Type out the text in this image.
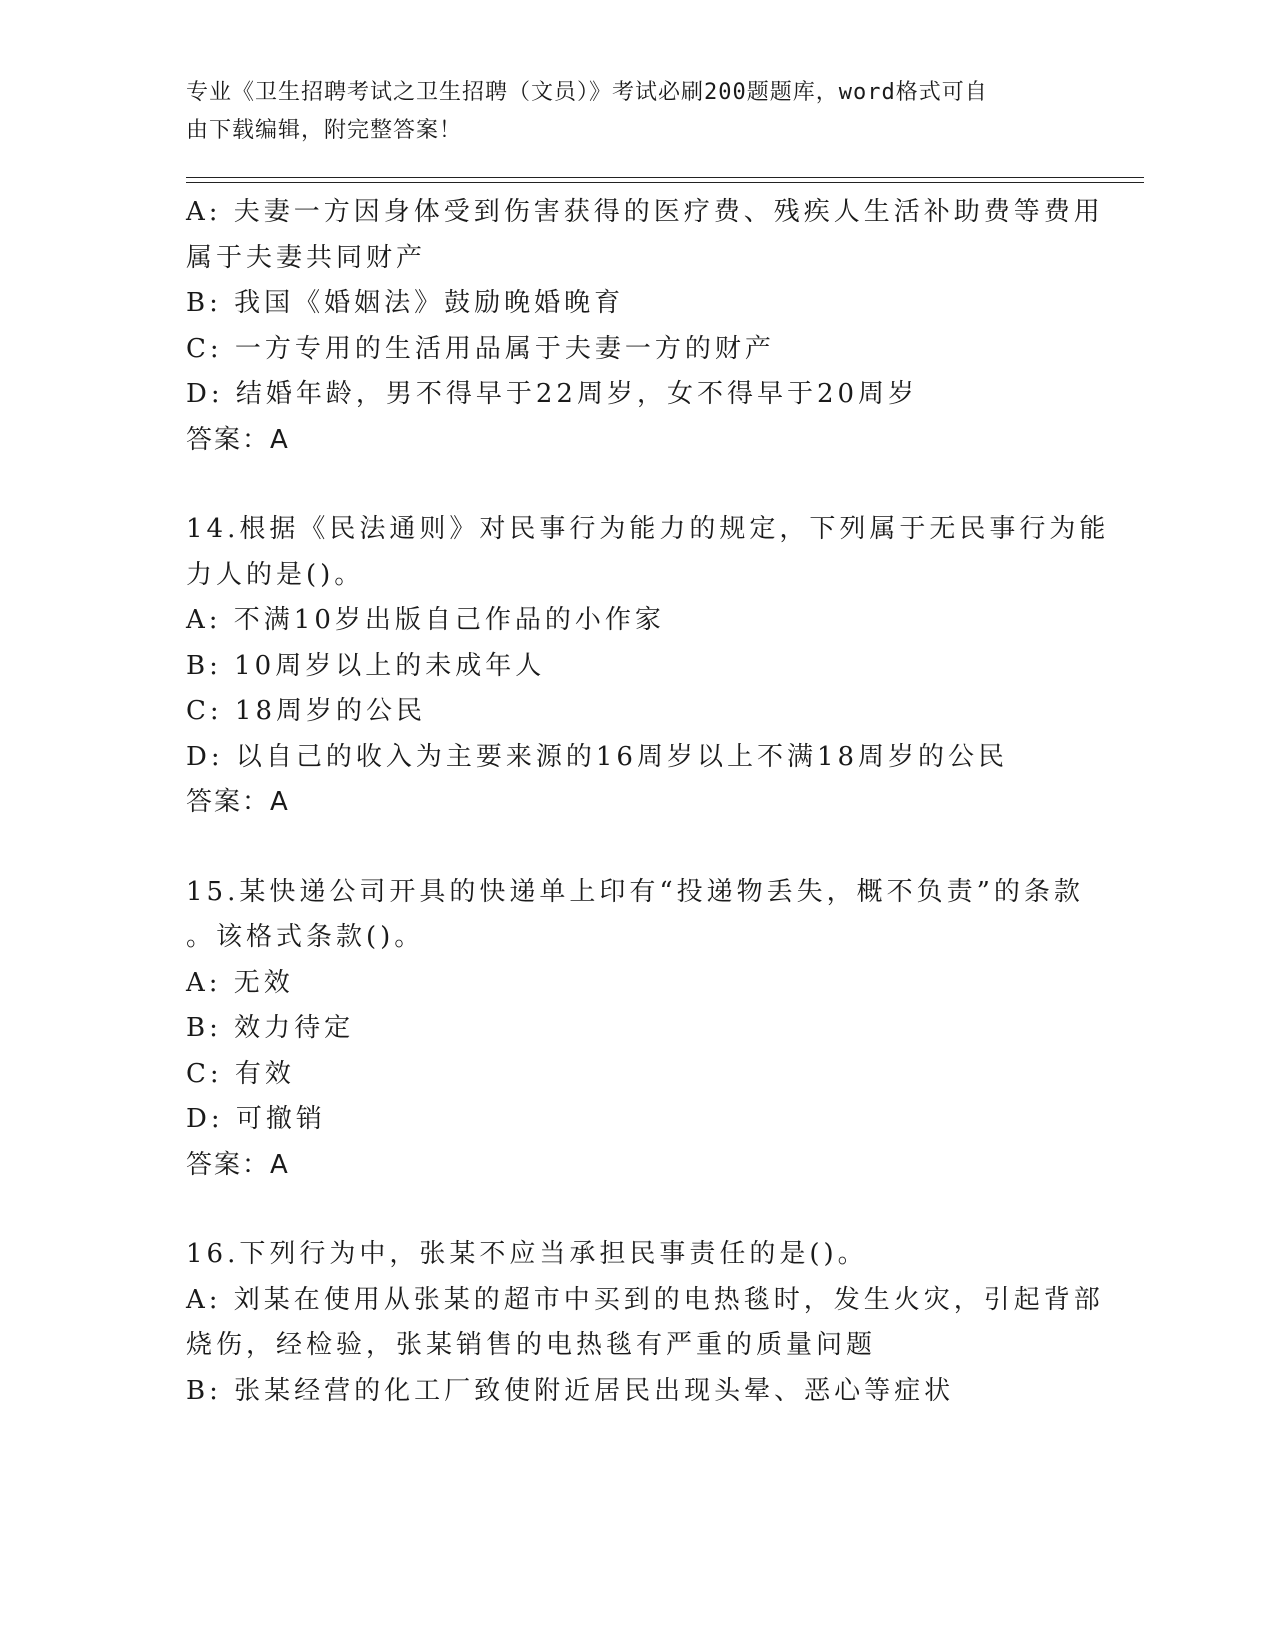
专业《卫生招聘考试之卫生招聘（文员）》考试必刷200题题库，word格式可自
由下载编辑，附完整答案！
A: 夫妻一方因身体受到伤害获得的医疗费、残疾人生活补助费等费用
属于夫妻共同财产
B: 我国《婚姻法》鼓励晚婚晚育
C: 一方专用的生活用品属于夫妻一方的财产
D: 结婚年龄，男不得早于22周岁，女不得早于20周岁
答案：A
14.根据《民法通则》对民事行为能力的规定，下列属于无民事行为能
力人的是()。
A: 不满10岁出版自己作品的小作家
B: 10周岁以上的未成年人
C: 18周岁的公民
D: 以自己的收入为主要来源的16周岁以上不满18周岁的公民
答案：A
15.某快递公司开具的快递单上印有“投递物丢失，概不负责”的条款
。该格式条款()。
A: 无效
B: 效力待定
C: 有效
D: 可撤销
答案：A
16.下列行为中，张某不应当承担民事责任的是()。
A: 刘某在使用从张某的超市中买到的电热毯时，发生火灾，引起背部
烧伤，经检验，张某销售的电热毯有严重的质量问题
B: 张某经营的化工厂致使附近居民出现头晕、恶心等症状
